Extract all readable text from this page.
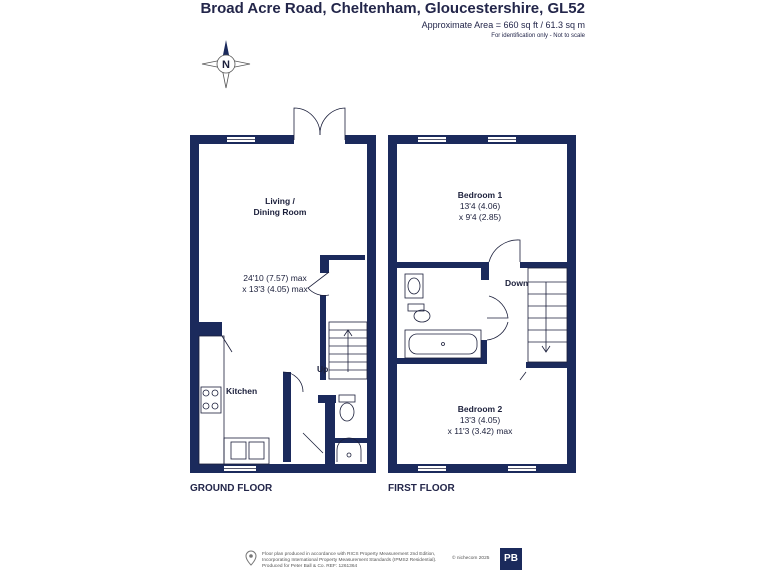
Broad Acre Road, Cheltenham, Gloucestershire, GL52
Approximate Area = 660 sq ft / 61.3 sq m
For identification only - Not to scale
N
Living /
Dining Room
24'10 (7.57) max
x 13'3 (4.05) max
Kitchen
Up
GROUND FLOOR
Bedroom 1
13'4 (4.06)
x 9'4 (2.85)
Down
Bedroom 2
13'3 (4.05)
x 11'3 (3.42) max
FIRST FLOOR
Floor plan produced in accordance with RICS Property Measurement 2nd Edition,
Incorporating International Property Measurement Standards (IPMS2 Residential).
Produced for Peter Ball & Co. REF: 1261364
© nichecom 2025	PB
